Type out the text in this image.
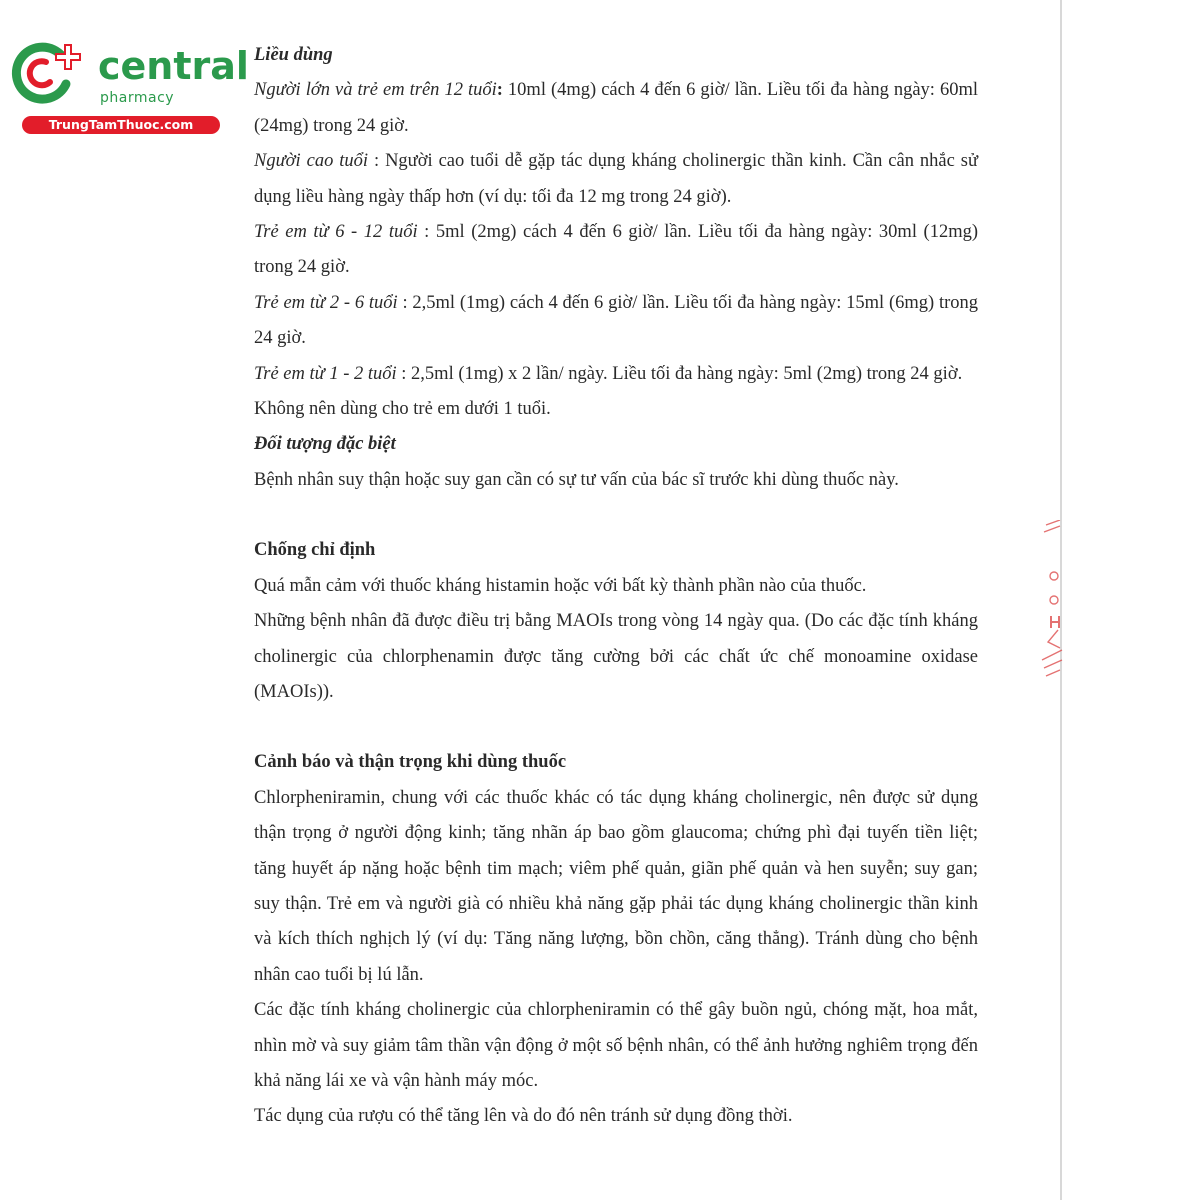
central
pharmacy
TrungTamThuoc.com

Liều dùng

Người lớn và trẻ em trên 12 tuổi: 10ml (4mg) cách 4 đến 6 giờ/ lần. Liều tối đa hàng ngày: 60ml (24mg) trong 24 giờ.

Người cao tuổi : Người cao tuổi dễ gặp tác dụng kháng cholinergic thần kinh. Cần cân nhắc sử dụng liều hàng ngày thấp hơn (ví dụ: tối đa 12 mg trong 24 giờ).

Trẻ em từ 6 - 12 tuổi : 5ml (2mg) cách 4 đến 6 giờ/ lần. Liều tối đa hàng ngày: 30ml (12mg) trong 24 giờ.

Trẻ em từ 2 - 6 tuổi : 2,5ml (1mg) cách 4 đến 6 giờ/ lần. Liều tối đa hàng ngày: 15ml (6mg) trong 24 giờ.

Trẻ em từ 1 - 2 tuổi : 2,5ml (1mg) x 2 lần/ ngày. Liều tối đa hàng ngày: 5ml (2mg) trong 24 giờ.

Không nên dùng cho trẻ em dưới 1 tuổi.

Đối tượng đặc biệt

Bệnh nhân suy thận hoặc suy gan cần có sự tư vấn của bác sĩ trước khi dùng thuốc này.

Chống chỉ định

Quá mẫn cảm với thuốc kháng histamin hoặc với bất kỳ thành phần nào của thuốc.

Những bệnh nhân đã được điều trị bằng MAOIs trong vòng 14 ngày qua. (Do các đặc tính kháng cholinergic của chlorphenamin được tăng cường bởi các chất ức chế monoamine oxidase (MAOIs)).

Cảnh báo và thận trọng khi dùng thuốc

Chlorpheniramin, chung với các thuốc khác có tác dụng kháng cholinergic, nên được sử dụng thận trọng ở người động kinh; tăng nhãn áp bao gồm glaucoma; chứng phì đại tuyến tiền liệt; tăng huyết áp nặng hoặc bệnh tim mạch; viêm phế quản, giãn phế quản và hen suyễn; suy gan; suy thận. Trẻ em và người già có nhiều khả năng gặp phải tác dụng kháng cholinergic thần kinh và kích thích nghịch lý (ví dụ: Tăng năng lượng, bồn chồn, căng thẳng). Tránh dùng cho bệnh nhân cao tuổi bị lú lẫn.

Các đặc tính kháng cholinergic của chlorpheniramin có thể gây buồn ngủ, chóng mặt, hoa mắt, nhìn mờ và suy giảm tâm thần vận động ở một số bệnh nhân, có thể ảnh hưởng nghiêm trọng đến khả năng lái xe và vận hành máy móc.

Tác dụng của rượu có thể tăng lên và do đó nên tránh sử dụng đồng thời.
